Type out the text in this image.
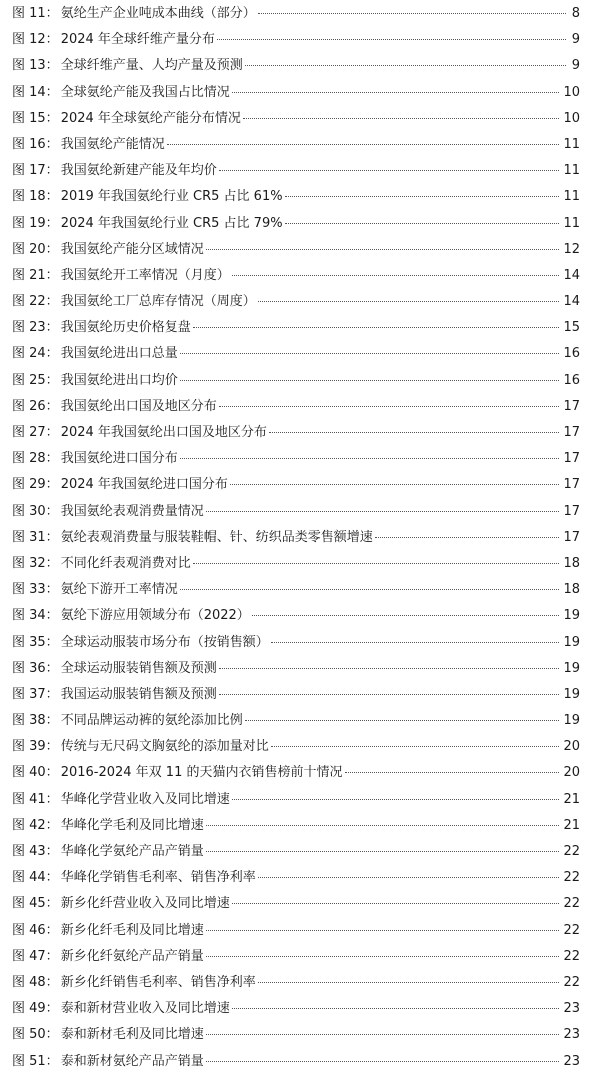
图 11： 氨纶生产企业吨成本曲线（部分）	8
图 12： 2024 年全球纤维产量分布	9
图 13： 全球纤维产量、人均产量及预测	9
图 14： 全球氨纶产能及我国占比情况	10
图 15： 2024 年全球氨纶产能分布情况	10
图 16： 我国氨纶产能情况	11
图 17： 我国氨纶新建产能及年均价	11
图 18： 2019 年我国氨纶行业 CR5 占比 61%	11
图 19： 2024 年我国氨纶行业 CR5 占比 79%	11
图 20： 我国氨纶产能分区域情况	12
图 21： 我国氨纶开工率情况（月度）	14
图 22： 我国氨纶工厂总库存情况（周度）	14
图 23： 我国氨纶历史价格复盘	15
图 24： 我国氨纶进出口总量	16
图 25： 我国氨纶进出口均价	16
图 26： 我国氨纶出口国及地区分布	17
图 27： 2024 年我国氨纶出口国及地区分布	17
图 28： 我国氨纶进口国分布	17
图 29： 2024 年我国氨纶进口国分布	17
图 30： 我国氨纶表观消费量情况	17
图 31： 氨纶表观消费量与服装鞋帽、针、纺织品类零售额增速	17
图 32： 不同化纤表观消费对比	18
图 33： 氨纶下游开工率情况	18
图 34： 氨纶下游应用领域分布（2022）	19
图 35： 全球运动服装市场分布（按销售额）	19
图 36： 全球运动服装销售额及预测	19
图 37： 我国运动服装销售额及预测	19
图 38： 不同品牌运动裤的氨纶添加比例	19
图 39： 传统与无尺码文胸氨纶的添加量对比	20
图 40： 2016-2024 年双 11 的天猫内衣销售榜前十情况	20
图 41： 华峰化学营业收入及同比增速	21
图 42： 华峰化学毛利及同比增速	21
图 43： 华峰化学氨纶产品产销量	22
图 44： 华峰化学销售毛利率、销售净利率	22
图 45： 新乡化纤营业收入及同比增速	22
图 46： 新乡化纤毛利及同比增速	22
图 47： 新乡化纤氨纶产品产销量	22
图 48： 新乡化纤销售毛利率、销售净利率	22
图 49： 泰和新材营业收入及同比增速	23
图 50： 泰和新材毛利及同比增速	23
图 51： 泰和新材氨纶产品产销量	23
